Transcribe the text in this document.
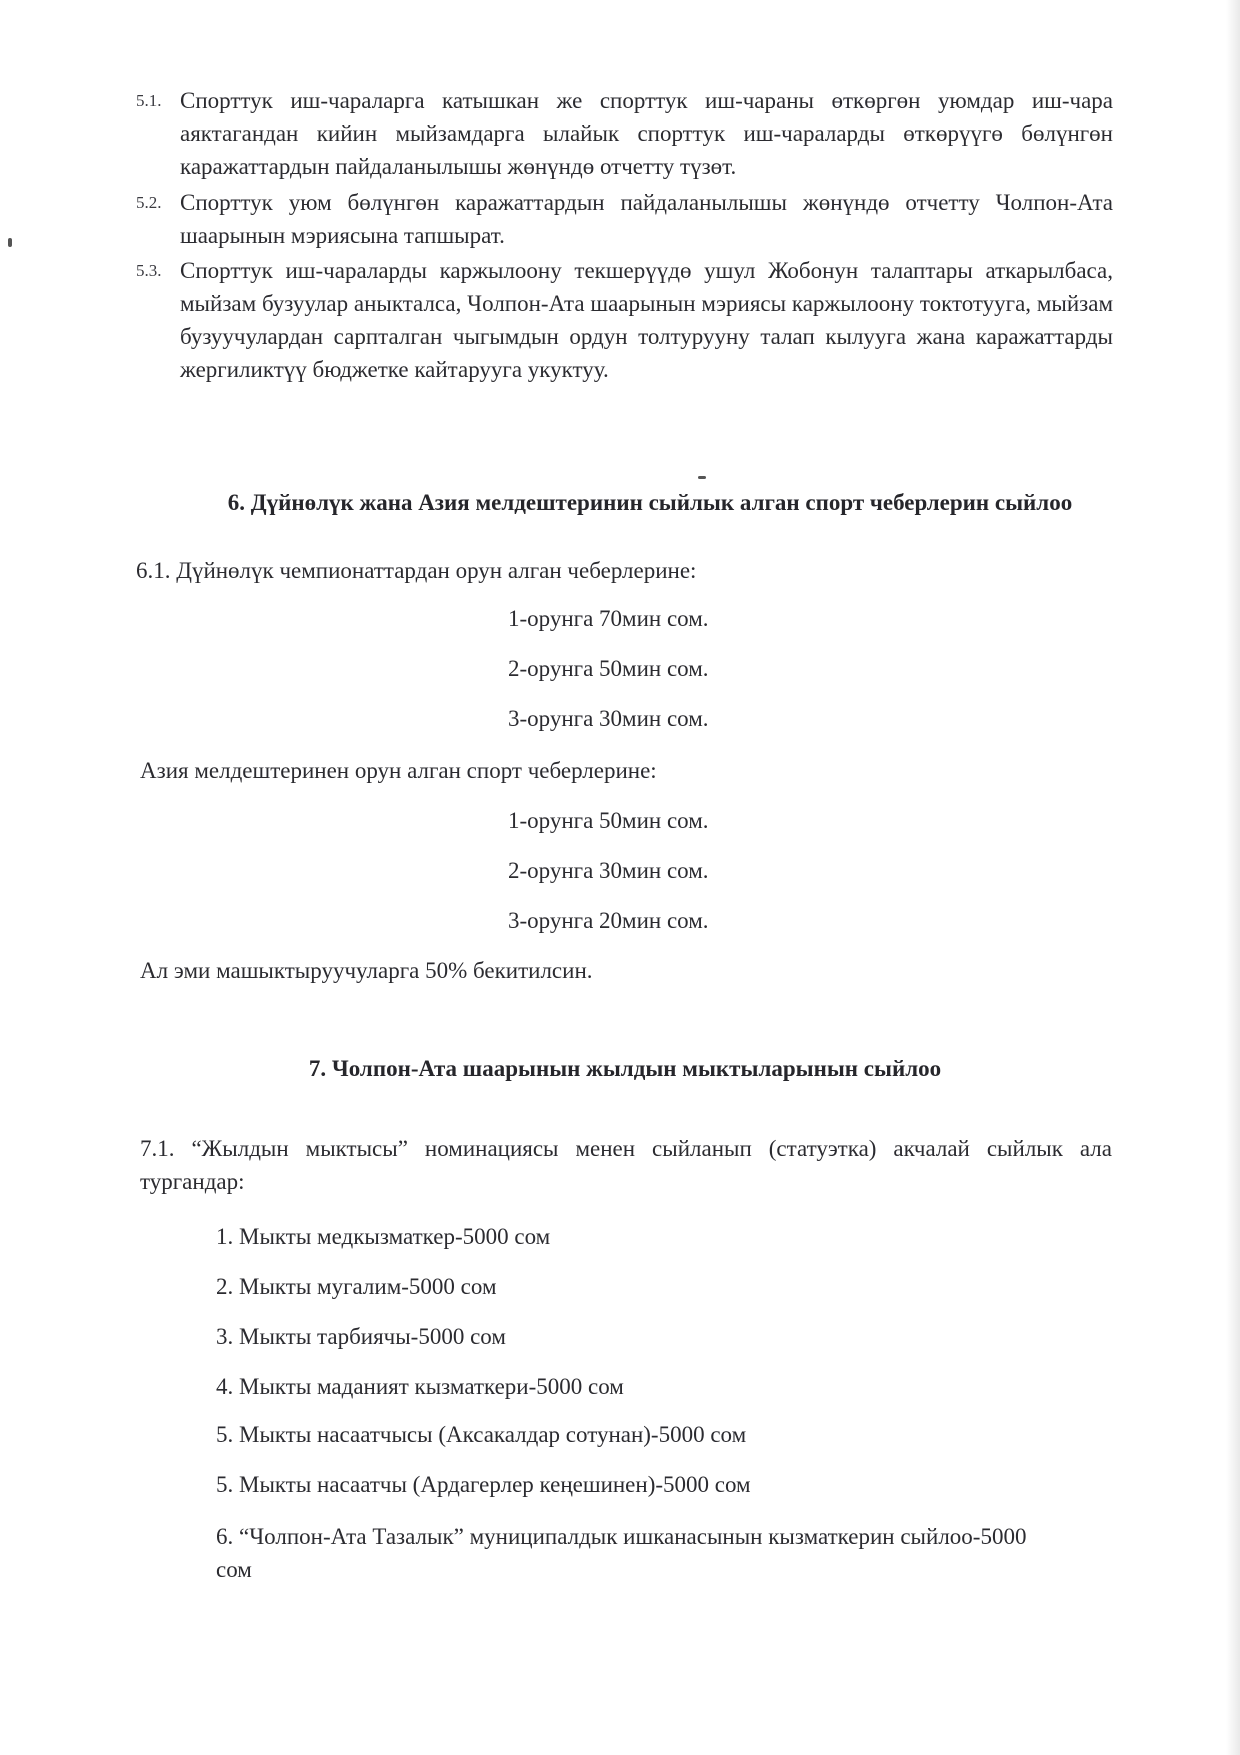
5.1. Спорттук иш-чараларга катышкан же спорттук иш-чараны өткөргөн уюмдар иш-чара аяктагандан кийин мыйзамдарга ылайык спорттук иш-чараларды өткөрүүгө бөлүнгөн каражаттардын пайдаланылышы жөнүндө отчетту түзөт.
5.2. Спорттук уюм бөлүнгөн каражаттардын пайдаланылышы жөнүндө отчетту Чолпон-Ата шаарынын мэриясына тапшырат.
5.3. Спорттук иш-чараларды каржылоону текшерүүдө ушул Жобонун талаптары аткарылбаса, мыйзам бузуулар аныкталса, Чолпон-Ата шаарынын мэриясы каржылоону токтотууга, мыйзам бузуучулардан сарпталган чыгымдын ордун толтурууну талап кылууга жана каражаттарды жергиликтүү бюджетке кайтарууга укуктуу.
6. Дүйнөлүк жана Азия мелдештеринин сыйлык алган спорт чеберлерин сыйлоо
6.1. Дүйнөлүк чемпионаттардан орун алган чеберлерине:
1-орунга 70мин сом.
2-орунга 50мин сом.
3-орунга 30мин сом.
Азия мелдештеринен орун алган спорт чеберлерине:
1-орунга 50мин сом.
2-орунга 30мин сом.
3-орунга 20мин сом.
Ал эми машыктыруучуларга 50% бекитилсин.
7. Чолпон-Ата шаарынын жылдын мыктыларынын сыйлоо
7.1. “Жылдын мыктысы” номинациясы менен сыйланып (статуэтка) акчалай сыйлык ала тургандар:
1. Мыкты медкызматкер-5000 сом
2. Мыкты мугалим-5000 сом
3. Мыкты тарбиячы-5000 сом
4. Мыкты маданият кызматкери-5000 сом
5. Мыкты насаатчысы (Аксакалдар сотунан)-5000 сом
5. Мыкты насаатчы (Ардагерлер кеңешинен)-5000 сом
6. “Чолпон-Ата Тазалык” муниципалдык ишканасынын кызматкерин сыйлоо-5000 сом
